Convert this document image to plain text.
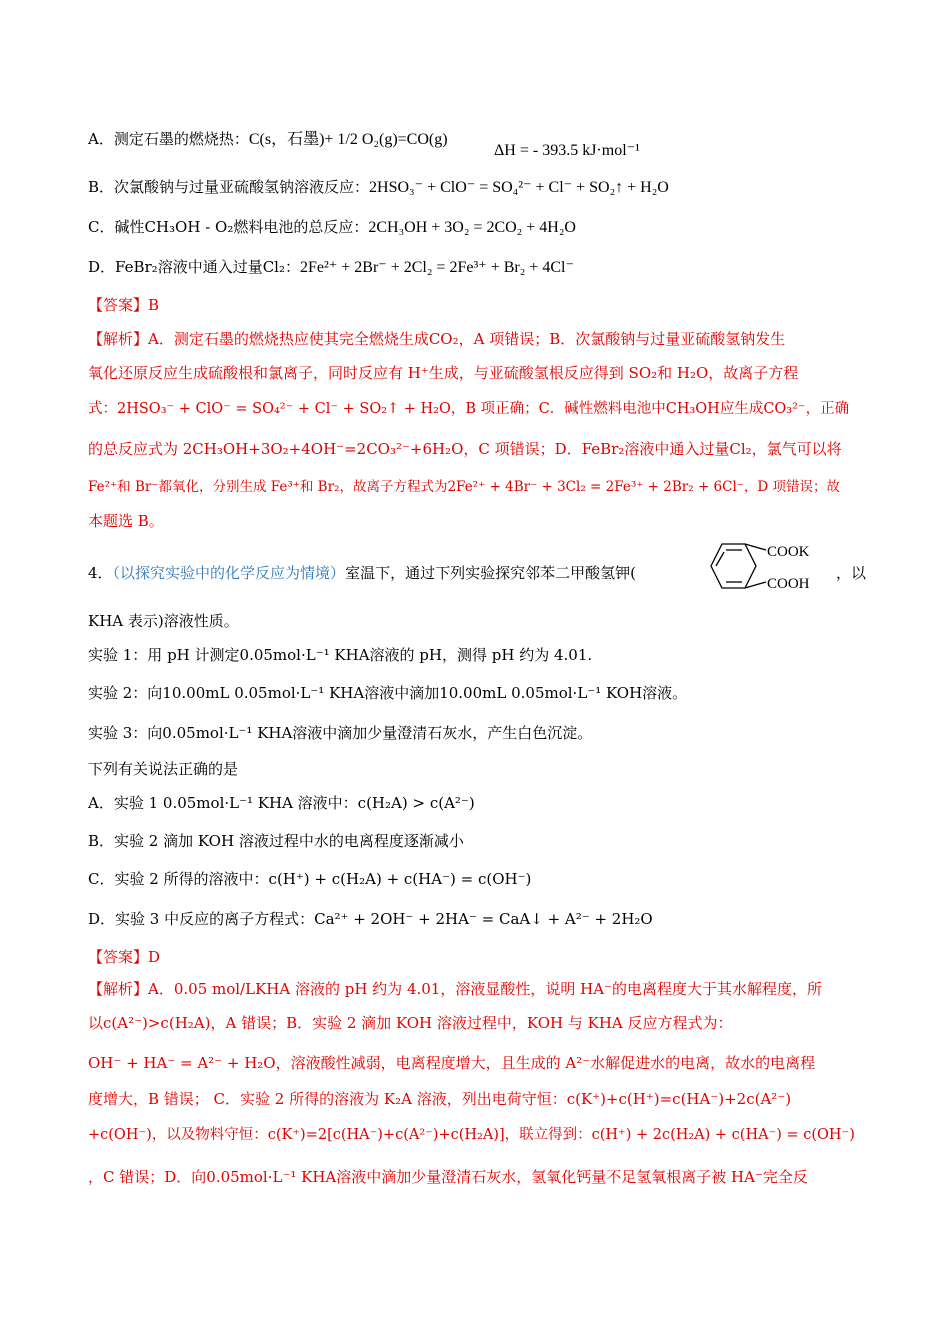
A．测定石墨的燃烧热：C(s，石墨)+ 1/2 O₂(g)=CO(g)
ΔH = - 393.5 kJ·mol⁻¹
B．次氯酸钠与过量亚硫酸氢钠溶液反应：2HSO₃⁻ + ClO⁻ = SO₄²⁻ + Cl⁻ + SO₂↑ + H₂O
C．碱性CH₃OH - O₂燃料电池的总反应：2CH₃OH + 3O₂ = 2CO₂ + 4H₂O
D．FeBr₂溶液中通入过量Cl₂：2Fe²⁺ + 2Br⁻ + 2Cl₂ = 2Fe³⁺ + Br₂ + 4Cl⁻
【答案】B
【解析】A．测定石墨的燃烧热应使其完全燃烧生成CO₂，A 项错误；B．次氯酸钠与过量亚硫酸氢钠发生
氧化还原反应生成硫酸根和氯离子，同时反应有 H⁺生成，与亚硫酸氢根反应得到 SO₂和 H₂O，故离子方程
式：2HSO₃⁻ + ClO⁻ = SO₄²⁻ + Cl⁻ + SO₂↑ + H₂O，B 项正确；C．碱性燃料电池中CH₃OH应生成CO₃²⁻，正确
的总反应式为 2CH₃OH+3O₂+4OH⁻=2CO₃²⁻+6H₂O，C 项错误；D．FeBr₂溶液中通入过量Cl₂，氯气可以将
Fe²⁺和 Br⁻都氧化，分别生成 Fe³⁺和 Br₂，故离子方程式为2Fe²⁺ + 4Br⁻ + 3Cl₂ = 2Fe³⁺ + 2Br₂ + 6Cl⁻，D 项错误；故
本题选 B。
4．（以探究实验中的化学反应为情境）室温下，通过下列实验探究邻苯二甲酸氢钾(
COOK
COOH
，以
KHA 表示)溶液性质。
实验 1：用 pH 计测定0.05mol·L⁻¹ KHA溶液的 pH，测得 pH 约为 4.01.
实验 2：向10.00mL 0.05mol·L⁻¹ KHA溶液中滴加10.00mL 0.05mol·L⁻¹ KOH溶液。
实验 3：向0.05mol·L⁻¹ KHA溶液中滴加少量澄清石灰水，产生白色沉淀。
下列有关说法正确的是
A．实验 1 0.05mol·L⁻¹ KHA 溶液中：c(H₂A) > c(A²⁻)
B．实验 2 滴加 KOH 溶液过程中水的电离程度逐渐减小
C．实验 2 所得的溶液中：c(H⁺) + c(H₂A) + c(HA⁻) = c(OH⁻)
D．实验 3 中反应的离子方程式：Ca²⁺ + 2OH⁻ + 2HA⁻ = CaA↓ + A²⁻ + 2H₂O
【答案】D
【解析】A．0.05 mol/LKHA 溶液的 pH 约为 4.01，溶液显酸性，说明 HA⁻的电离程度大于其水解程度，所
以c(A²⁻)>c(H₂A)，A 错误；B．实验 2 滴加 KOH 溶液过程中，KOH 与 KHA 反应方程式为：
OH⁻ + HA⁻ = A²⁻ + H₂O，溶液酸性减弱，电离程度增大，且生成的 A²⁻水解促进水的电离，故水的电离程
度增大，B 错误； C．实验 2 所得的溶液为 K₂A 溶液，列出电荷守恒：c(K⁺)+c(H⁺)=c(HA⁻)+2c(A²⁻)
+c(OH⁻)，以及物料守恒：c(K⁺)=2[c(HA⁻)+c(A²⁻)+c(H₂A)]，联立得到：c(H⁺) + 2c(H₂A) + c(HA⁻) = c(OH⁻)
，C 错误；D．向0.05mol·L⁻¹ KHA溶液中滴加少量澄清石灰水，氢氧化钙量不足氢氧根离子被 HA⁻完全反
